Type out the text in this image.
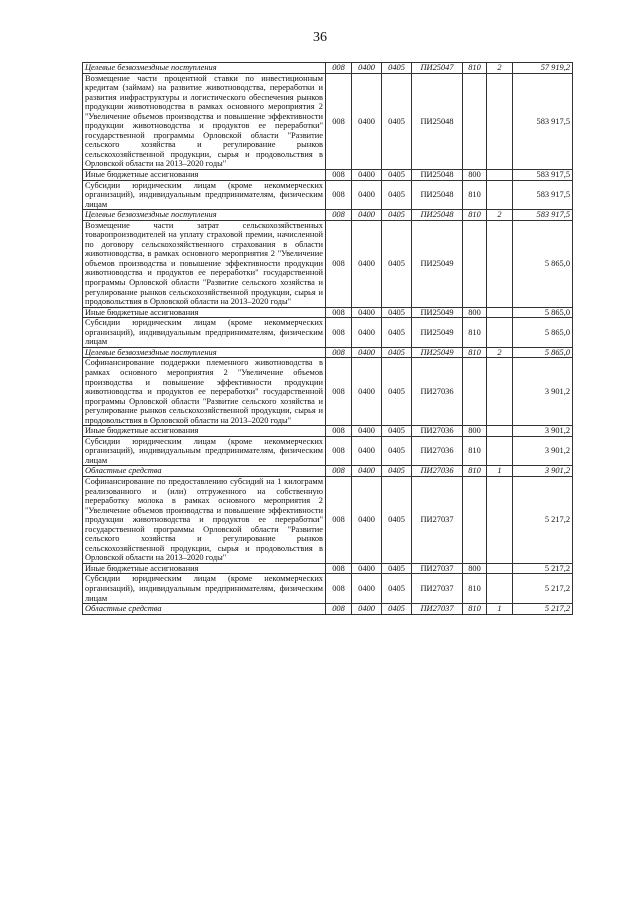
36
Целевые безвозмездные поступления	008	0400	0405	ПИ25047	810	2	57 919,2
Возмещение части процентной ставки по инвестиционным кредитам (займам) на развитие животноводства, переработки и развития инфраструктуры и логистического обеспечения рынков продукции животноводства в рамках основного мероприятия 2 "Увеличение объемов производства и повышение эффективности продукции животноводства и продуктов ее переработки" государственной программы Орловской области "Развитие сельского хозяйства и регулирование рынков сельскохозяйственной продукции, сырья и продовольствия в Орловской области на 2013–2020 годы"	008	0400	0405	ПИ25048			583 917,5
Иные бюджетные ассигнования	008	0400	0405	ПИ25048	800		583 917,5
Субсидии юридическим лицам (кроме некоммерческих организаций), индивидуальным предпринимателям, физическим лицам	008	0400	0405	ПИ25048	810		583 917,5
Целевые безвозмездные поступления	008	0400	0405	ПИ25048	810	2	583 917,5
Возмещение части затрат сельскохозяйственных товаропроизводителей на уплату страховой премии, начисленной по договору сельскохозяйственного страхования в области животноводства, в рамках основного мероприятия 2 "Увеличение объемов производства и повышение эффективности продукции животноводства и продуктов ее переработки" государственной программы Орловской области "Развитие сельского хозяйства и регулирование рынков сельскохозяйственной продукции, сырья и продовольствия в Орловской области на 2013–2020 годы"	008	0400	0405	ПИ25049			5 865,0
Иные бюджетные ассигнования	008	0400	0405	ПИ25049	800		5 865,0
Субсидии юридическим лицам (кроме некоммерческих организаций), индивидуальным предпринимателям, физическим лицам	008	0400	0405	ПИ25049	810		5 865,0
Целевые безвозмездные поступления	008	0400	0405	ПИ25049	810	2	5 865,0
Софинансирование поддержки племенного животноводства в рамках основного мероприятия 2 "Увеличение объемов производства и повышение эффективности продукции животноводства и продуктов ее переработки" государственной программы Орловской области "Развитие сельского хозяйства и регулирование рынков сельскохозяйственной продукции, сырья и продовольствия в Орловской области на 2013–2020 годы"	008	0400	0405	ПИ27036			3 901,2
Иные бюджетные ассигнования	008	0400	0405	ПИ27036	800		3 901,2
Субсидии юридическим лицам (кроме некоммерческих организаций), индивидуальным предпринимателям, физическим лицам	008	0400	0405	ПИ27036	810		3 901,2
Областные средства	008	0400	0405	ПИ27036	810	1	3 901,2
Софинансирование по предоставлению субсидий на 1 килограмм реализованного и (или) отгруженного на собственную переработку молока в рамках основного мероприятия 2 "Увеличение объемов производства и повышение эффективности продукции животноводства и продуктов ее переработки" государственной программы Орловской области "Развитие сельского хозяйства и регулирование рынков сельскохозяйственной продукции, сырья и продовольствия в Орловской области на 2013–2020 годы"	008	0400	0405	ПИ27037			5 217,2
Иные бюджетные ассигнования	008	0400	0405	ПИ27037	800		5 217,2
Субсидии юридическим лицам (кроме некоммерческих организаций), индивидуальным предпринимателям, физическим лицам	008	0400	0405	ПИ27037	810		5 217,2
Областные средства	008	0400	0405	ПИ27037	810	1	5 217,2
